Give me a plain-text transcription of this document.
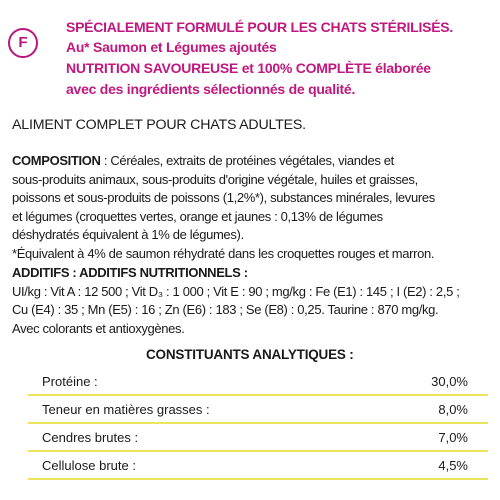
F
SPÉCIALEMENT FORMULÉ POUR LES CHATS STÉRILISÉS.
Au* Saumon et Légumes ajoutés
NUTRITION SAVOUREUSE et 100% COMPLÈTE élaborée
avec des ingrédients sélectionnés de qualité.
ALIMENT COMPLET POUR CHATS ADULTES.
COMPOSITION : Céréales, extraits de protéines végétales, viandes et
sous-produits animaux, sous-produits d'origine végétale, huiles et graisses,
poissons et sous-produits de poissons (1,2%*), substances minérales, levures
et légumes (croquettes vertes, orange et jaunes : 0,13% de légumes
déshydratés équivalent à 1% de légumes).
*Équivalent à 4% de saumon réhydraté dans les croquettes rouges et marron.
ADDITIFS : ADDITIFS NUTRITIONNELS :
UI/kg : Vit A : 12 500 ; Vit D₃ : 1 000 ; Vit E : 90 ; mg/kg : Fe (E1) : 145 ; I (E2) : 2,5 ;
Cu (E4) : 35 ; Mn (E5) : 16 ; Zn (E6) : 183 ; Se (E8) : 0,25. Taurine : 870 mg/kg.
Avec colorants et antioxygènes.
CONSTITUANTS ANALYTIQUES :
Protéine :	30,0%
Teneur en matières grasses :	8,0%
Cendres brutes :	7,0%
Cellulose brute :	4,5%
